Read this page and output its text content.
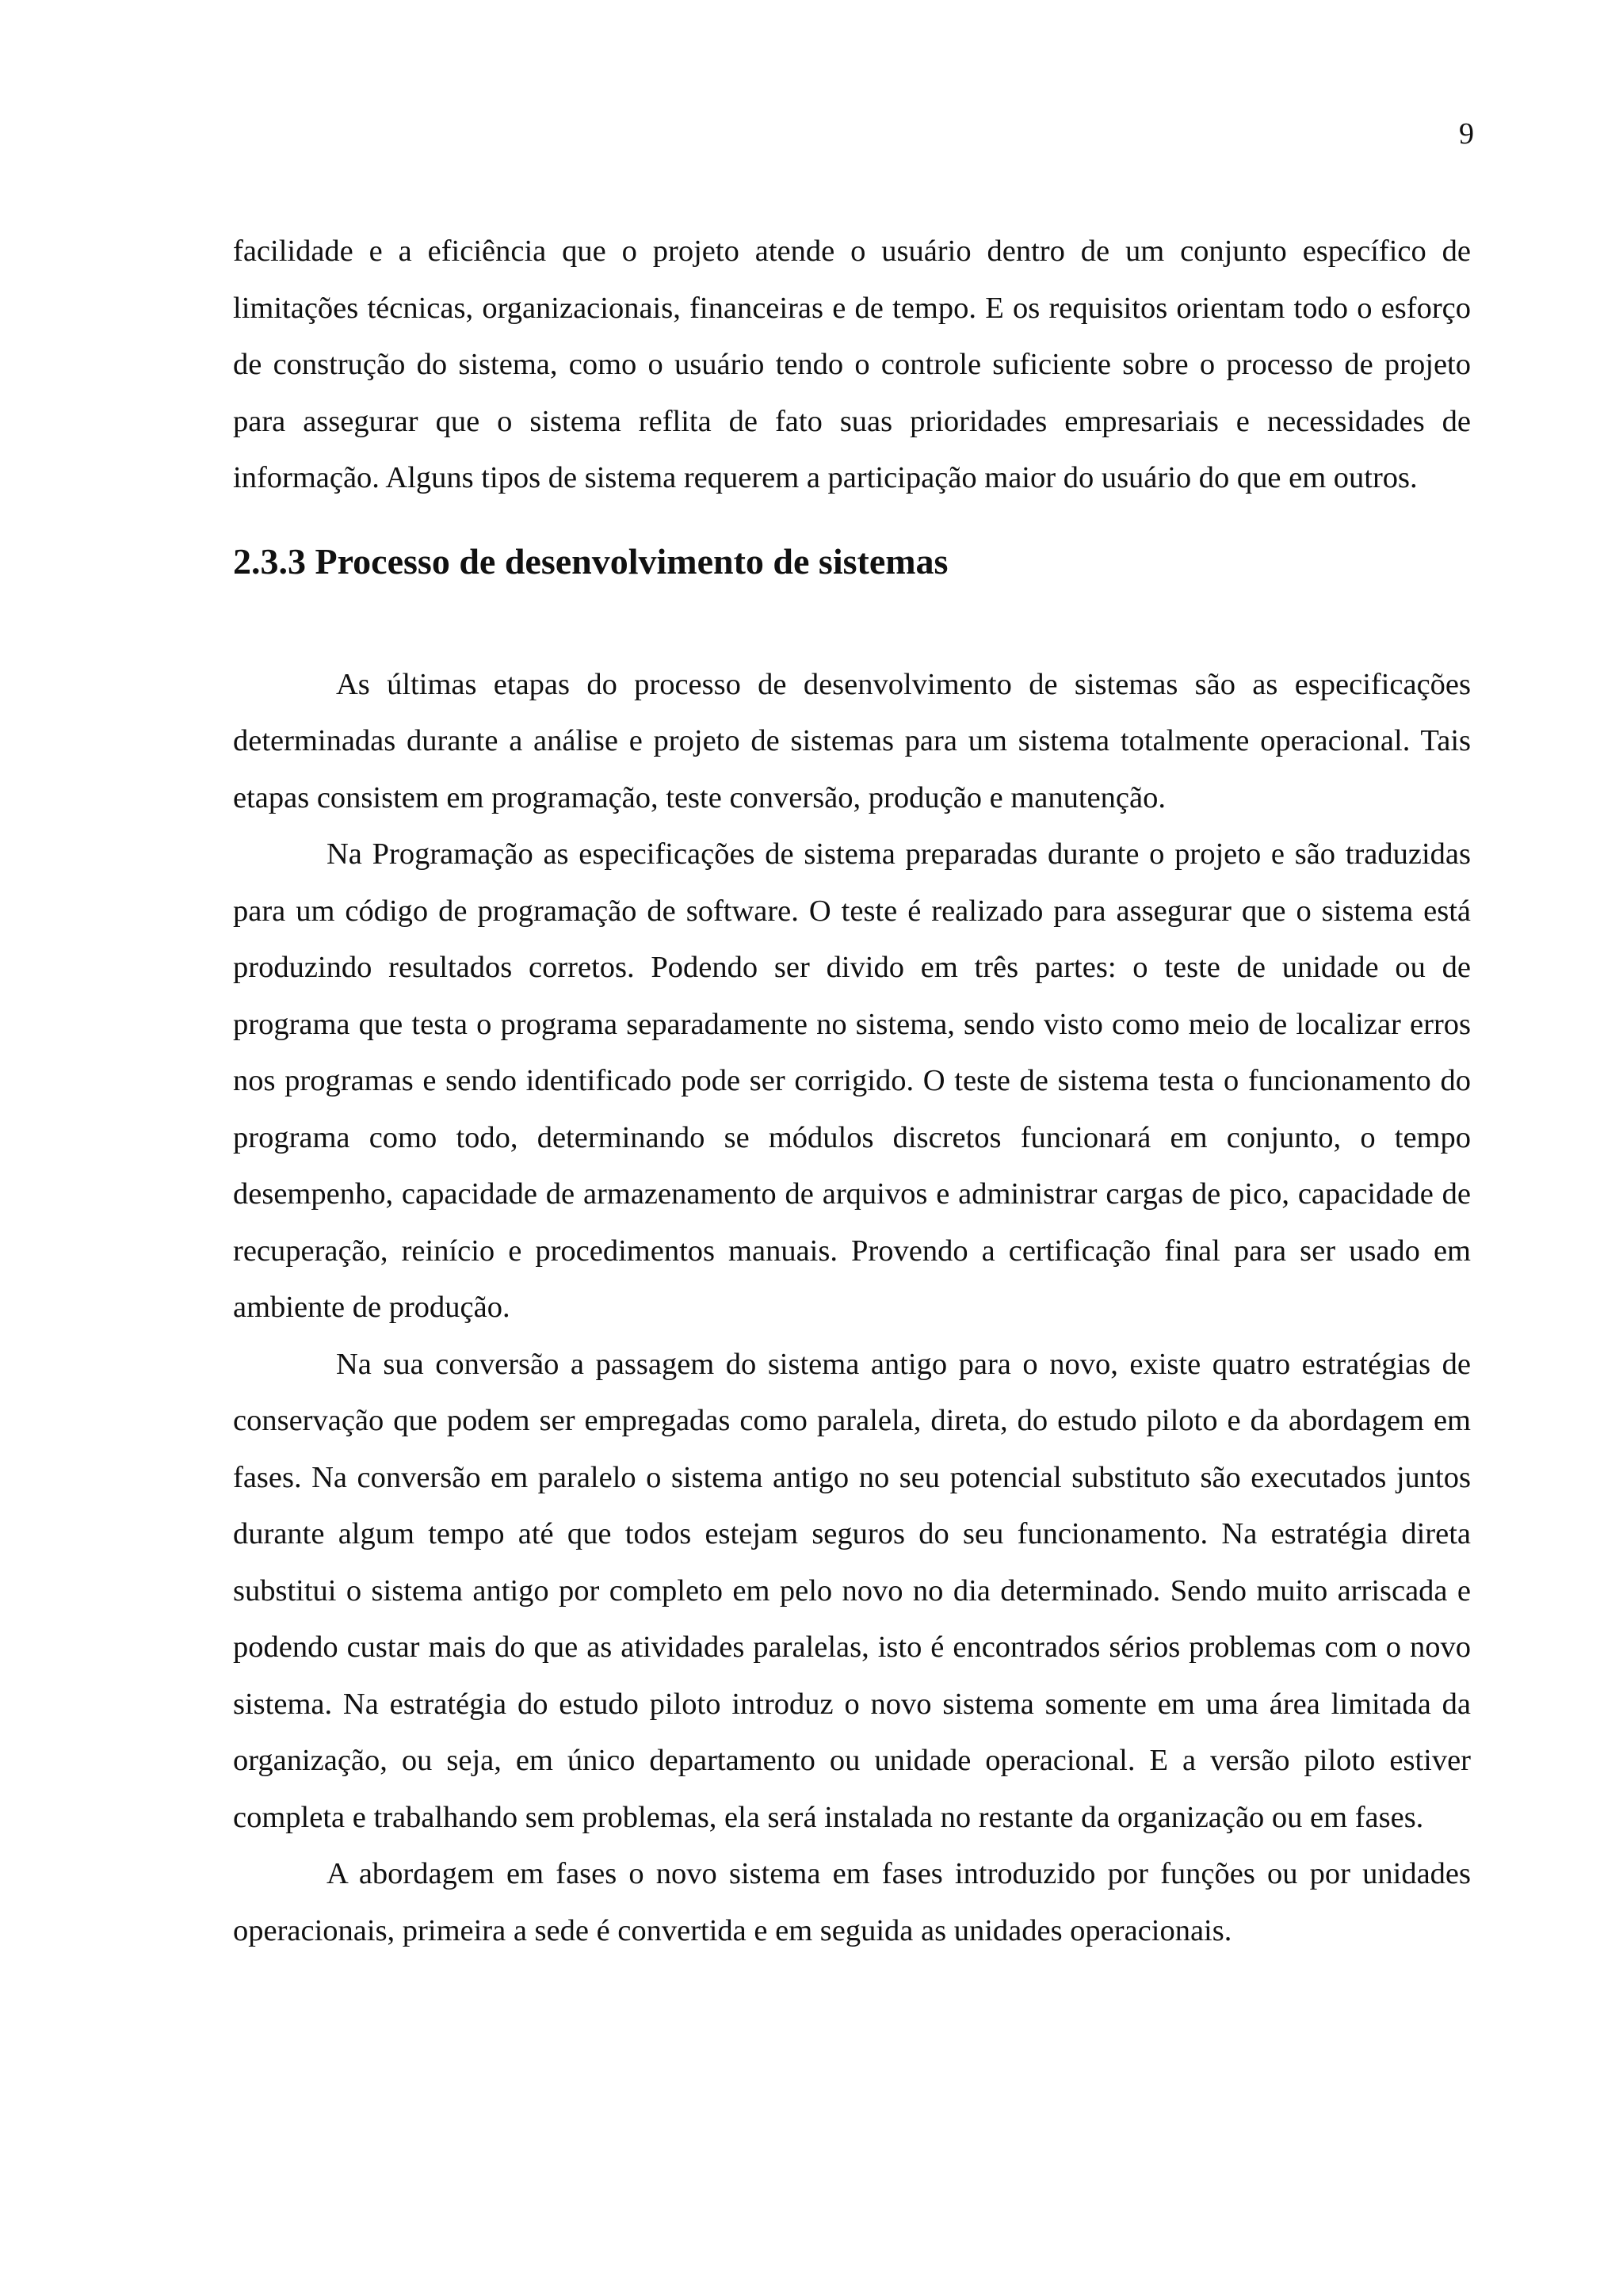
9

facilidade e a eficiência que o projeto atende o usuário dentro de um conjunto específico de limitações técnicas, organizacionais, financeiras e de tempo. E os requisitos orientam todo o esforço de construção do sistema, como o usuário tendo o controle suficiente sobre o processo de projeto para assegurar que o sistema reflita de fato suas prioridades empresariais e necessidades de informação. Alguns tipos de sistema requerem a participação maior do usuário do que em outros.

2.3.3 Processo de desenvolvimento de sistemas

As últimas etapas do processo de desenvolvimento de sistemas são as especificações determinadas durante a análise e projeto de sistemas para um sistema totalmente operacional. Tais etapas consistem em programação, teste conversão, produção e manutenção.

Na Programação as especificações de sistema preparadas durante o projeto e são traduzidas para um código de programação de software. O teste é realizado para assegurar que o sistema está produzindo resultados corretos. Podendo ser divido em três partes: o teste de unidade ou de programa que testa o programa separadamente no sistema, sendo visto como meio de localizar erros nos programas e sendo identificado pode ser corrigido. O teste de sistema testa o funcionamento do programa como todo, determinando se módulos discretos funcionará em conjunto, o tempo desempenho, capacidade de armazenamento de arquivos e administrar cargas de pico, capacidade de recuperação, reinício e procedimentos manuais. Provendo a certificação final para ser usado em ambiente de produção.

Na sua conversão a passagem do sistema antigo para o novo, existe quatro estratégias de conservação que podem ser empregadas como paralela, direta, do estudo piloto e da abordagem em fases. Na conversão em paralelo o sistema antigo no seu potencial substituto são executados juntos durante algum tempo até que todos estejam seguros do seu funcionamento. Na estratégia direta substitui o sistema antigo por completo em pelo novo no dia determinado. Sendo muito arriscada e podendo custar mais do que as atividades paralelas, isto é encontrados sérios problemas com o novo sistema. Na estratégia do estudo piloto introduz o novo sistema somente em uma área limitada da organização, ou seja, em único departamento ou unidade operacional. E a versão piloto estiver completa e trabalhando sem problemas, ela será instalada no restante da organização ou em fases.

A abordagem em fases o novo sistema em fases introduzido por funções ou por unidades operacionais, primeira a sede é convertida e em seguida as unidades operacionais.
